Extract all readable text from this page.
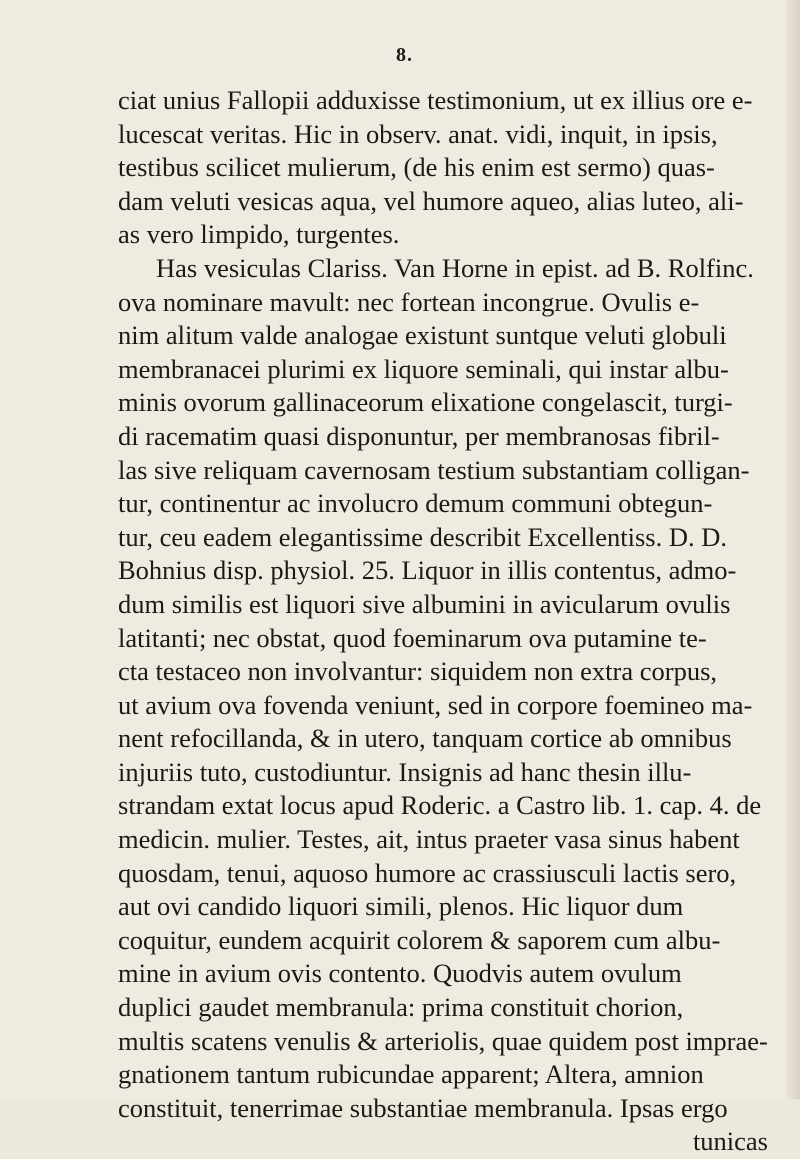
8.
ciat unius Fallopii adduxisse testimonium, ut ex illius ore e-
lucescat veritas. Hic in observ. anat. vidi, inquit, in ipsis,
testibus scilicet mulierum, (de his enim est sermo) quas-
dam veluti vesicas aqua, vel humore aqueo, alias luteo, ali-
as vero limpido, turgentes.
Has vesiculas Clariss. Van Horne in epist. ad B. Rolfinc.
ova nominare mavult: nec fortean incongrue. Ovulis e-
nim alitum valde analogae existunt suntque veluti globuli
membranacei plurimi ex liquore seminali, qui instar albu-
minis ovorum gallinaceorum elixatione congelascit, turgi-
di racematim quasi disponuntur, per membranosas fibril-
las sive reliquam cavernosam testium substantiam colligan-
tur, continentur ac involucro demum communi obtegun-
tur, ceu eadem elegantissime describit Excellentiss. D. D.
Bohnius disp. physiol. 25. Liquor in illis contentus, admo-
dum similis est liquori sive albumini in avicularum ovulis
latitanti; nec obstat, quod foeminarum ova putamine te-
cta testaceo non involvantur: siquidem non extra corpus,
ut avium ova fovenda veniunt, sed in corpore foemineo ma-
nent refocillanda, & in utero, tanquam cortice ab omnibus
injuriis tuto, custodiuntur. Insignis ad hanc thesin illu-
strandam extat locus apud Roderic. a Castro lib. 1. cap. 4. de
medicin. mulier. Testes, ait, intus praeter vasa sinus habent
quosdam, tenui, aquoso humore ac crassiusculi lactis sero,
aut ovi candido liquori simili, plenos. Hic liquor dum
coquitur, eundem acquirit colorem & saporem cum albu-
mine in avium ovis contento. Quodvis autem ovulum
duplici gaudet membranula: prima constituit chorion,
multis scatens venulis & arteriolis, quae quidem post imprae-
gnationem tantum rubicundae apparent; Altera, amnion
constituit, tenerrimae substantiae membranula. Ipsas ergo
tunicas
